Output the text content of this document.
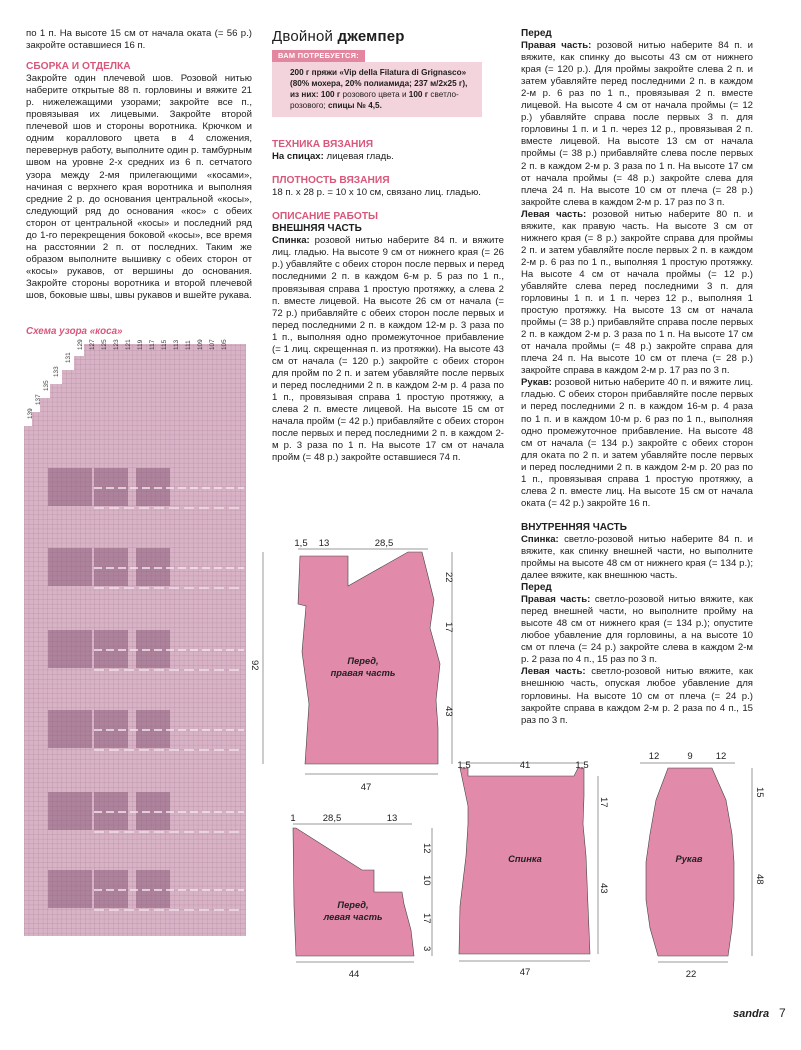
по 1 п. На высоте 15 см от начала оката (= 56 р.) закройте оставшиеся 16 п.

СБОРКА И ОТДЕЛКА

Закройте один плечевой шов. Розовой нитью наберите открытые 88 п. горловины и вяжите 21 р. нижележащими узорами; закройте все п., провязывая их лицевыми. Закройте второй плечевой шов и стороны воротника. Крючком и одним кораллового цвета в 4 сложения, перевернув работу, выполните один р. тамбурным швом на уровне 2-х средних из 6 п. сетчатого узора между 2-мя прилегающими «косами», начиная с верхнего края воротника и выполняя средние 2 р. до основания центральной «косы», следующий ряд до основания «кос» с обеих сторон от центральной «косы» и последний ряд до 1-го перекрещения боковой «косы», все время на расстоянии 2 п. от последних. Таким же образом выполните вышивку с обеих сторон от «косы» рукавов, от вершины до основания. Закройте стороны воротника и второй плечевой шов, боковые швы, швы рукавов и вшейте рукава.

Схема узора «коса»
139
137
135
133
131
129 127 125 123 121 119 117 115 113 111 109 107 105
Двойной джемпер
ВАМ ПОТРЕБУЕТСЯ:
200 г пряжи «Vip della Filatura di Grignasco» (80% мохера, 20% полиамида; 237 м/2х25 г), из них: 100 г розового цвета и 100 г светло-розового; спицы № 4,5.
ТЕХНИКА ВЯЗАНИЯ

На спицах: лицевая гладь.

ПЛОТНОСТЬ ВЯЗАНИЯ

18 п. х 28 р. = 10 х 10 см, связано лиц. гладью.

ОПИСАНИЕ РАБОТЫ
ВНЕШНЯЯ ЧАСТЬ

Спинка: розовой нитью наберите 84 п. и вяжите лиц. гладью. На высоте 9 см от нижнего края (= 26 р.) убавляйте с обеих сторон после первых и перед последними 2 п. в каждом 6-м р. 5 раз по 1 п., провязывая справа 1 простую протяжку, а слева 2 п. вместе лицевой. На высоте 26 см от начала (= 72 р.) прибавляйте с обеих сторон после первых и перед последними 2 п. в каждом 12-м р. 3 раза по 1 п., выполняя одно промежуточное прибавление (= 1 лиц. скрещенная п. из протяжки). На высоте 43 см от начала (= 120 р.) закройте с обеих сторон для пройм по 2 п. и затем убавляйте после первых и перед последними 2 п. в каждом 2-м р. 4 раза по 1 п., провязывая справа 1 простую протяжку, а слева 2 п. вместе лицевой. На высоте 15 см от начала пройм (= 42 р.) прибавляйте с обеих сторон после первых и перед последними 2 п. в каждом 2-м р. 3 раза по 1 п. На высоте 17 см от начала пройм (= 48 р.) закройте оставшиеся 74 п.

Перед

Правая часть: розовой нитью наберите 84 п. и вяжите, как спинку до высоты 43 см от нижнего края (= 120 р.). Для проймы закройте слева 2 п. и затем убавляйте перед последними 2 п. в каждом 2-м р. 6 раз по 1 п., провязывая 2 п. вместе лицевой. На высоте 4 см от начала проймы (= 12 р.) убавляйте справа после первых 3 п. для горловины 1 п. и 1 п. через 12 р., провязывая 2 п. вместе лицевой. На высоте 13 см от начала проймы (= 38 р.) прибавляйте слева после первых 2 п. в каждом 2-м р. 3 раза по 1 п. На высоте 17 см от начала проймы (= 48 р.) закройте слева для плеча 24 п. На высоте 10 см от плеча (= 28 р.) закройте слева в каждом 2-м р. 17 раз по 3 п.

Левая часть: розовой нитью наберите 80 п. и вяжите, как правую часть. На высоте 3 см от нижнего края (= 8 р.) закройте справа для проймы 2 п. и затем убавляйте после первых 2 п. в каждом 2-м р. 6 раз по 1 п., выполняя 1 простую протяжку. На высоте 4 см от начала проймы (= 12 р.) убавляйте слева перед последними 3 п. для горловины 1 п. и 1 п. через 12 р., выполняя 1 простую протяжку. На высоте 13 см от начала проймы (= 38 р.) прибавляйте справа после первых 2 п. в каждом 2-м р. 3 раза по 1 п. На высоте 17 см от начала проймы (= 48 р.) закройте справа для плеча 24 п. На высоте 10 см от плеча (= 28 р.) закройте справа в каждом 2-м р. 17 раз по 3 п.

Рукав: розовой нитью наберите 40 п. и вяжите лиц. гладью. С обеих сторон прибавляйте после первых и перед последними 2 п. в каждом 16-м р. 4 раза по 1 п. и в каждом 10-м р. 6 раз по 1 п., выполняя одно промежуточное прибавление. На высоте 48 см от начала (= 134 р.) закройте с обеих сторон для оката по 2 п. и затем убавляйте после первых и перед последними 2 п. в каждом 2-м р. 20 раз по 1 п., провязывая справа 1 простую протяжку, а слева 2 п. вместе лиц. На высоте 15 см от начала оката (= 42 р.) закройте 16 п.

ВНУТРЕННЯЯ ЧАСТЬ

Спинка: светло-розовой нитью наберите 84 п. и вяжите, как спинку внешней части, но выполните проймы на высоте 48 см от нижнего края (= 134 р.); далее вяжите, как внешнюю часть.

Перед

Правая часть: светло-розовой нитью вяжите, как перед внешней части, но выполните пройму на высоте 48 см от нижнего края (= 134 р.); опустите любое убавление для горловины, а на высоте 10 см от плеча (= 24 р.) закройте слева в каждом 2-м р. 2 раза по 4 п., 15 раз по 3 п.

Левая часть: светло-розовой нитью вяжите, как внешнюю часть, опуская любое убавление для горловины. На высоте 10 см от плеча (= 24 р.) закройте справа в каждом 2-м р. 2 раза по 4 п., 15 раз по 3 п.

Перед,
правая часть
1,5 13	28,5
22
17
43
47
92
Перед,
левая часть
1	28,5	13
12
10
17
3
44
Спинка
1,5	41	1,5
17
43
47
Рукав
12	9 12
15
48
22
sandra 7
